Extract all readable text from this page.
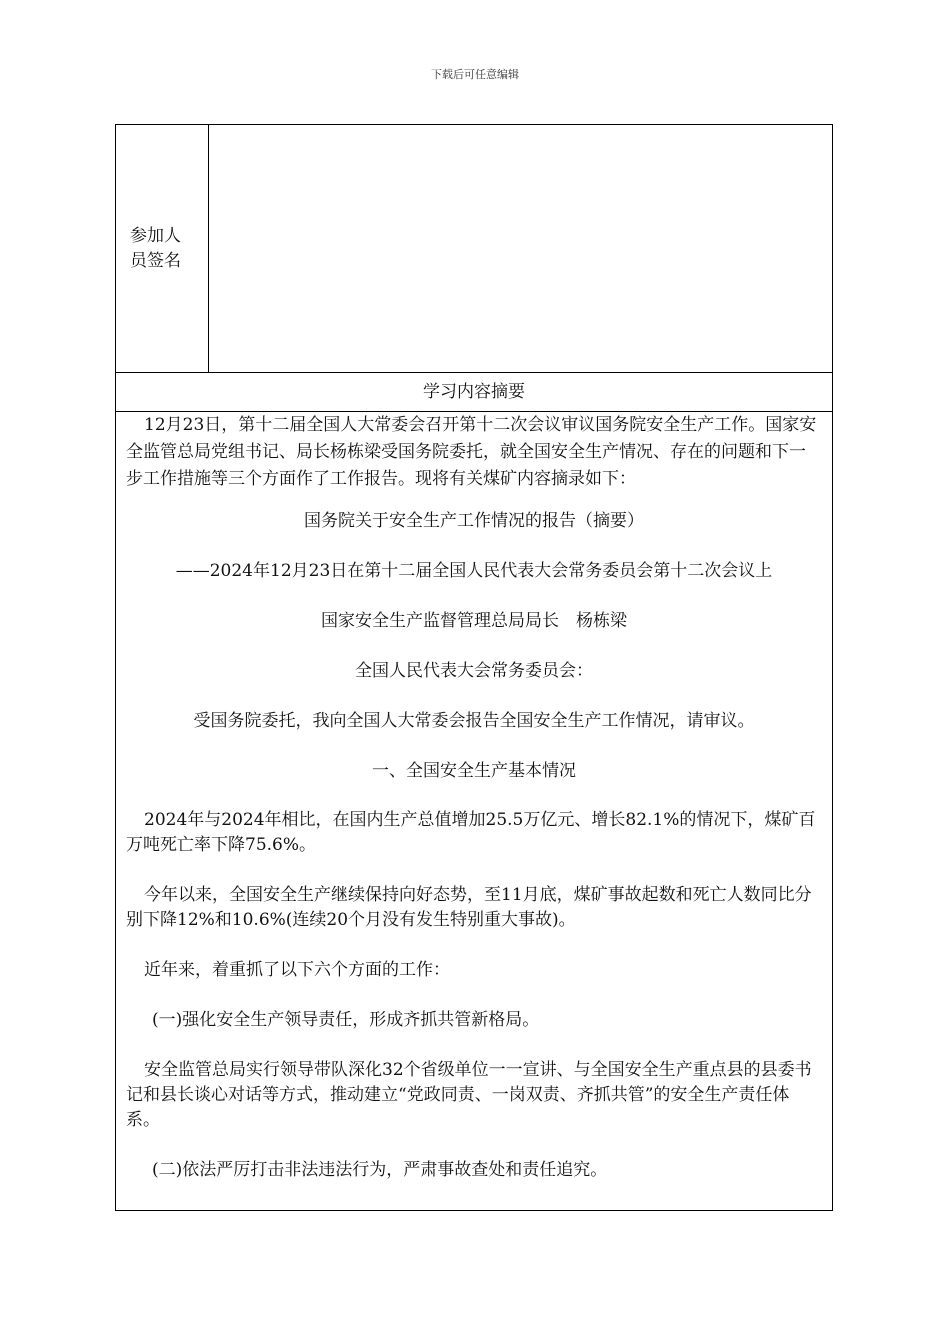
下载后可任意编辑
参加人员签名
学习内容摘要

12月23日，第十二届全国人大常委会召开第十二次会议审议国务院安全生产工作。国家安全监管总局党组书记、局长杨栋梁受国务院委托，就全国安全生产情况、存在的问题和下一步工作措施等三个方面作了工作报告。现将有关煤矿内容摘录如下：

国务院关于安全生产工作情况的报告（摘要）

——2024年12月23日在第十二届全国人民代表大会常务委员会第十二次会议上

国家安全生产监督管理总局局长　杨栋梁

全国人民代表大会常务委员会：

受国务院委托，我向全国人大常委会报告全国安全生产工作情况，请审议。

一、全国安全生产基本情况

2024年与2024年相比，在国内生产总值增加25.5万亿元、增长82.1%的情况下，煤矿百万吨死亡率下降75.6%。

今年以来，全国安全生产继续保持向好态势，至11月底，煤矿事故起数和死亡人数同比分别下降12%和10.6%(连续20个月没有发生特别重大事故)。

近年来，着重抓了以下六个方面的工作：

(一)强化安全生产领导责任，形成齐抓共管新格局。

安全监管总局实行领导带队深化32个省级单位一一宣讲、与全国安全生产重点县的县委书记和县长谈心对话等方式，推动建立“党政同责、一岗双责、齐抓共管”的安全生产责任体系。

(二)依法严厉打击非法违法行为，严肃事故查处和责任追究。
